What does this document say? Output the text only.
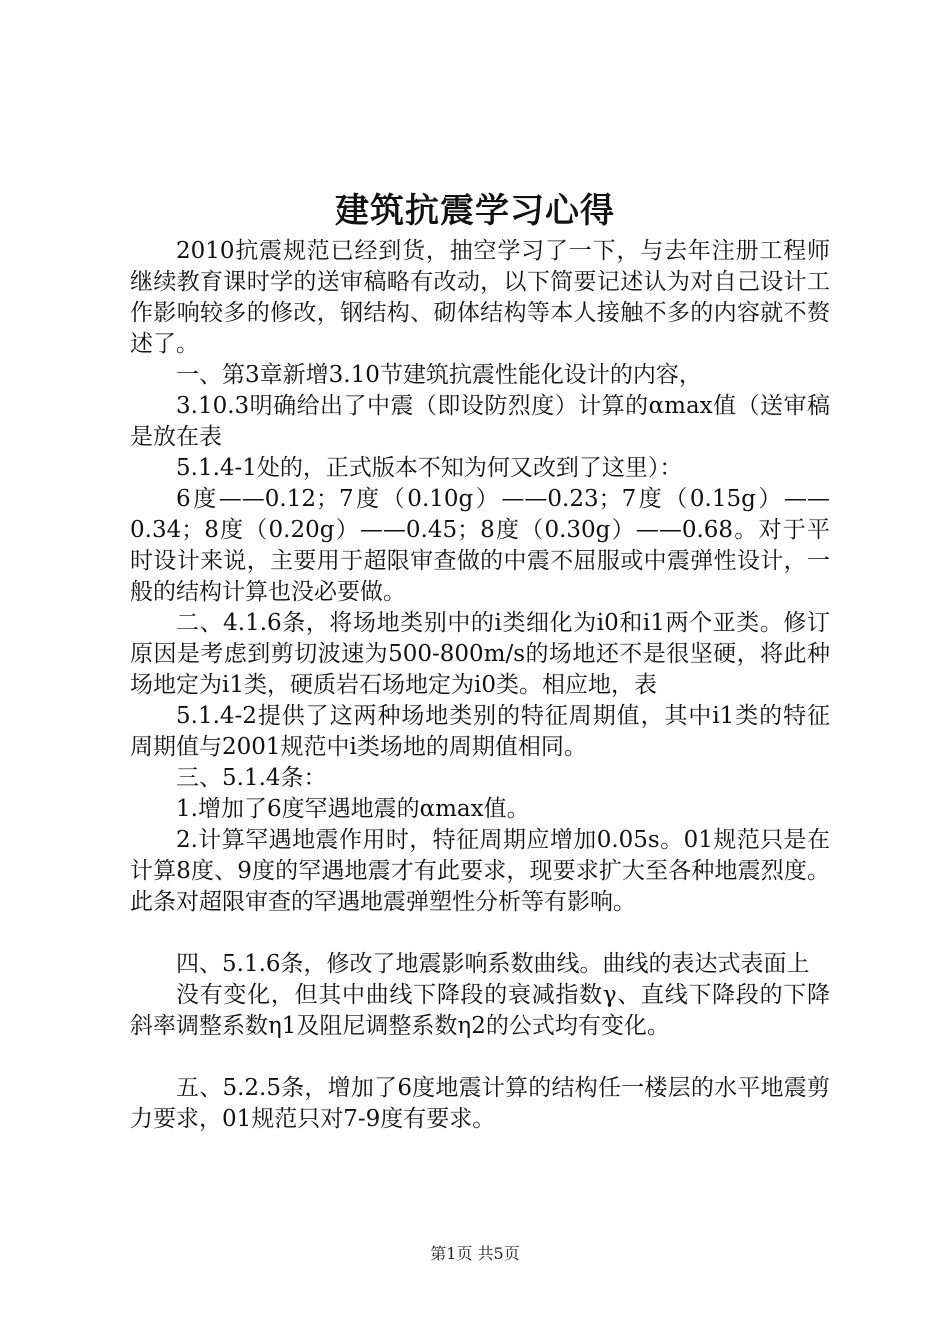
建筑抗震学习心得

2010抗震规范已经到货，抽空学习了一下，与去年注册工程师继续教育课时学的送审稿略有改动，以下简要记述认为对自己设计工作影响较多的修改，钢结构、砌体结构等本人接触不多的内容就不赘述了。

一、第3章新增3.10节建筑抗震性能化设计的内容，

3.10.3明确给出了中震（即设防烈度）计算的αmax值（送审稿是放在表

5.1.4-1处的，正式版本不知为何又改到了这里）：

6度——0.12；7度（0.10g）——0.23；7度（0.15g）——0.34；8度（0.20g）——0.45；8度（0.30g）——0.68。对于平时设计来说，主要用于超限审查做的中震不屈服或中震弹性设计，一般的结构计算也没必要做。

二、4.1.6条，将场地类别中的i类细化为i0和i1两个亚类。修订原因是考虑到剪切波速为500-800m/s的场地还不是很坚硬，将此种场地定为i1类，硬质岩石场地定为i0类。相应地，表

5.1.4-2提供了这两种场地类别的特征周期值，其中i1类的特征周期值与2001规范中i类场地的周期值相同。

三、5.1.4条：

1.增加了6度罕遇地震的αmax值。

2.计算罕遇地震作用时，特征周期应增加0.05s。01规范只是在计算8度、9度的罕遇地震才有此要求，现要求扩大至各种地震烈度。此条对超限审查的罕遇地震弹塑性分析等有影响。

四、5.1.6条，修改了地震影响系数曲线。曲线的表达式表面上

没有变化，但其中曲线下降段的衰减指数γ、直线下降段的下降斜率调整系数η1及阻尼调整系数η2的公式均有变化。

五、5.2.5条，增加了6度地震计算的结构任一楼层的水平地震剪力要求，01规范只对7-9度有要求。

第1页 共5页
